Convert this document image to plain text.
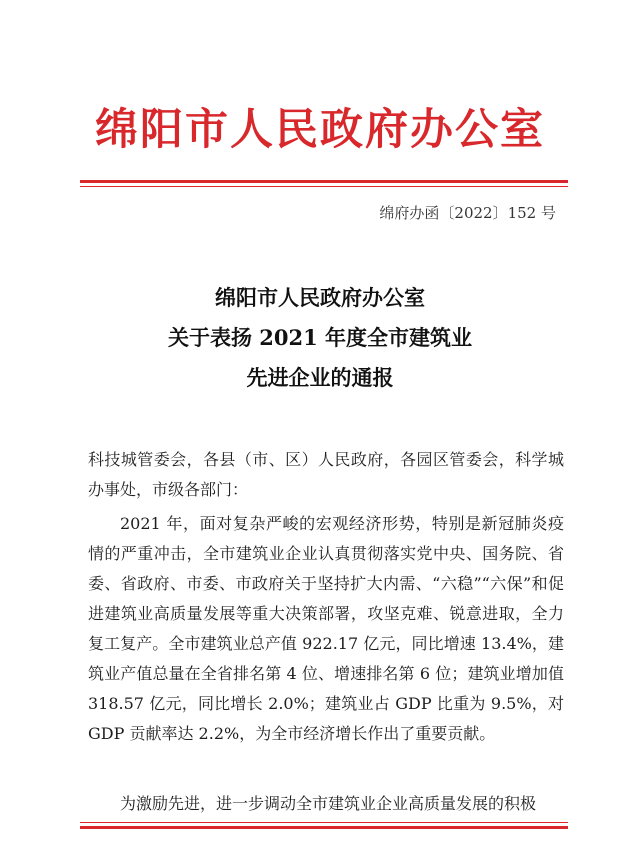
绵阳市人民政府办公室
绵府办函〔2022〕152 号
绵阳市人民政府办公室
关于表扬 2021 年度全市建筑业
先进企业的通报
科技城管委会，各县（市、区）人民政府，各园区管委会，科学城办事处，市级各部门：
2021 年，面对复杂严峻的宏观经济形势，特别是新冠肺炎疫情的严重冲击，全市建筑业企业认真贯彻落实党中央、国务院、省委、省政府、市委、市政府关于坚持扩大内需、“六稳”“六保”和促进建筑业高质量发展等重大决策部署，攻坚克难、锐意进取，全力复工复产。全市建筑业总产值 922.17 亿元，同比增速 13.4%，建筑业产值总量在全省排名第 4 位、增速排名第 6 位；建筑业增加值 318.57 亿元，同比增长 2.0%；建筑业占 GDP 比重为 9.5%，对 GDP 贡献率达 2.2%，为全市经济增长作出了重要贡献。
为激励先进，进一步调动全市建筑业企业高质量发展的积极
